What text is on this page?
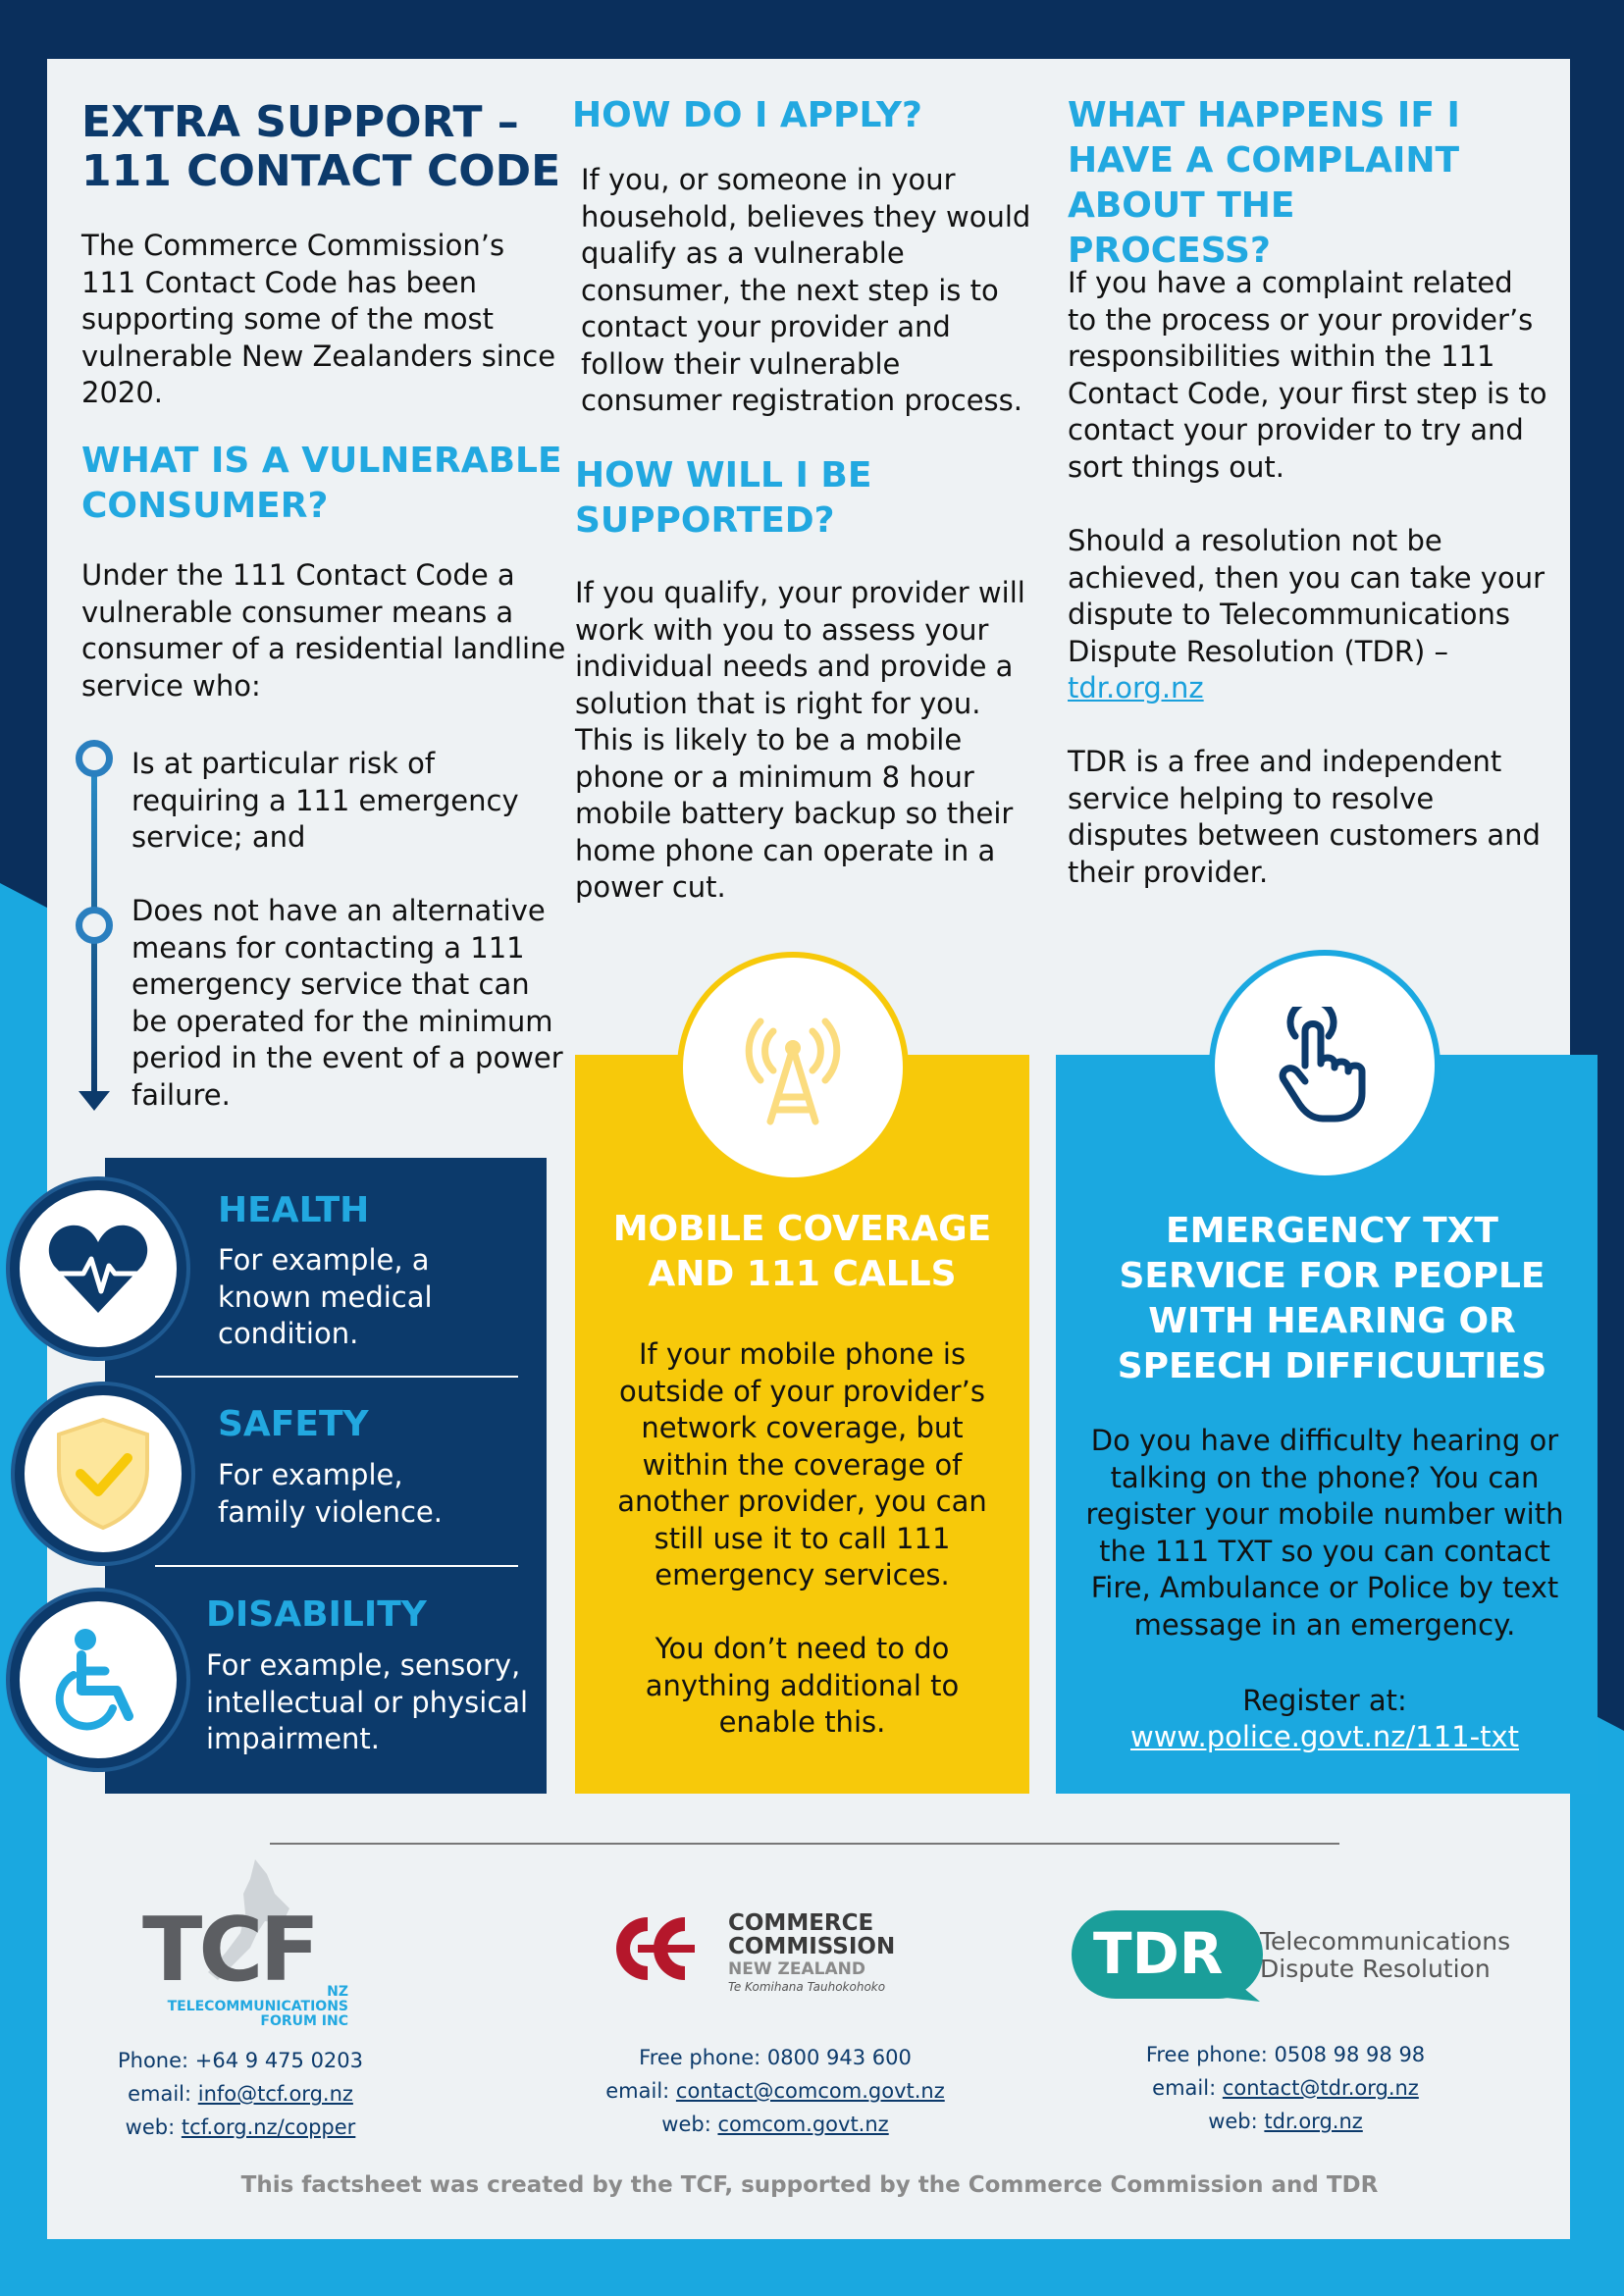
EXTRA SUPPORT – 111 CONTACT CODE
The Commerce Commission’s 111 Contact Code has been supporting some of the most vulnerable New Zealanders since 2020.
WHAT IS A VULNERABLE CONSUMER?
Under the 111 Contact Code a vulnerable consumer means a consumer of a residential landline service who:
Is at particular risk of requiring a 111 emergency service; and
Does not have an alternative means for contacting a 111 emergency service that can be operated for the minimum period in the event of a power failure.
HOW DO I APPLY?
If you, or someone in your household, believes they would qualify as a vulnerable consumer, the next step is to contact your provider and follow their vulnerable consumer registration process.
HOW WILL I BE SUPPORTED?
If you qualify, your provider will work with you to assess your individual needs and provide a solution that is right for you. This is likely to be a mobile phone or a minimum 8 hour mobile battery backup so their home phone can operate in a power cut.
WHAT HAPPENS IF I HAVE A COMPLAINT ABOUT THE PROCESS?
If you have a complaint related to the process or your provider’s responsibilities within the 111 Contact Code, your first step is to contact your provider to try and sort things out.
Should a resolution not be achieved, then you can take your dispute to Telecommunications Dispute Resolution (TDR) –
tdr.org.nz
TDR is a free and independent service helping to resolve disputes between customers and their provider.
HEALTH
For example, a known medical condition.
SAFETY
For example, family violence.
DISABILITY
For example, sensory, intellectual or physical impairment.
MOBILE COVERAGE AND 111 CALLS
If your mobile phone is outside of your provider’s network coverage, but within the coverage of another provider, you can still use it to call 111 emergency services.
You don’t need to do anything additional to enable this.
EMERGENCY TXT SERVICE FOR PEOPLE WITH HEARING OR SPEECH DIFFICULTIES
Do you have difficulty hearing or talking on the phone? You can register your mobile number with the 111 TXT so you can contact Fire, Ambulance or Police by text message in an emergency.
Register at:
www.police.govt.nz/111-txt
TCF NZ TELECOMMUNICATIONS FORUM INC
Phone: +64 9 475 0203
email: info@tcf.org.nz
web: tcf.org.nz/copper
COMMERCE
COMMISSION
NEW ZEALAND
Te Komihana Tauhokohoko
Free phone: 0800 943 600
email: contact@comcom.govt.nz
web: comcom.govt.nz
TDR Telecommunications
Dispute Resolution
Free phone: 0508 98 98 98
email: contact@tdr.org.nz
web: tdr.org.nz
This factsheet was created by the TCF, supported by the Commerce Commission and TDR
